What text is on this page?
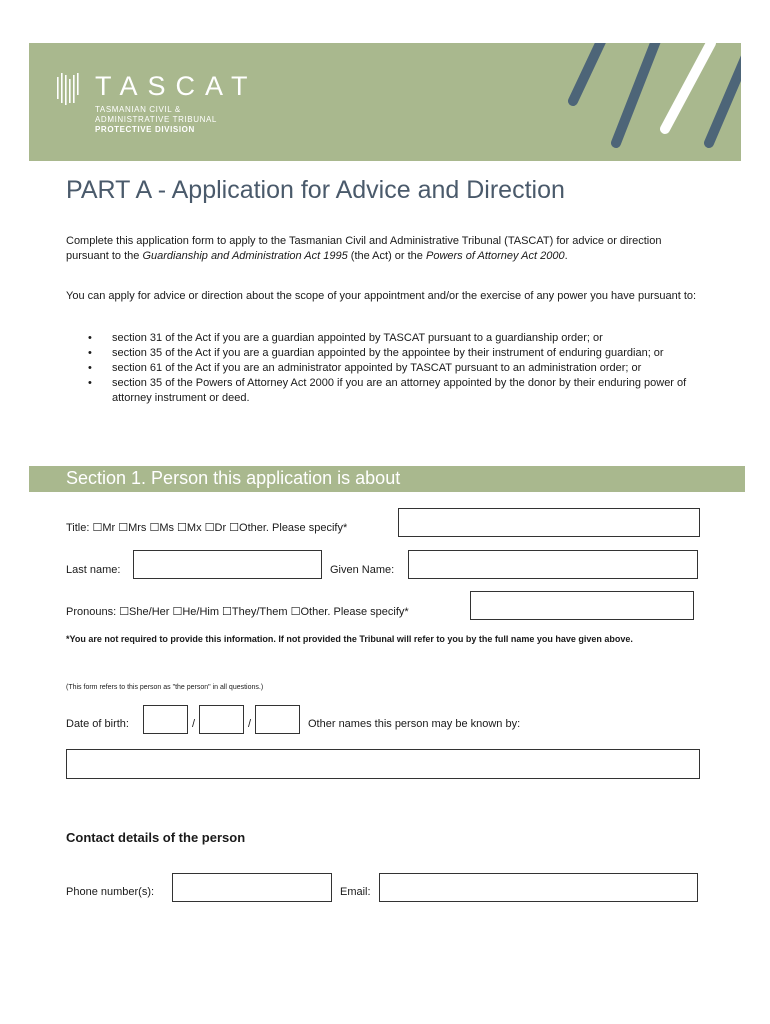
TASCAT
TASMANIAN CIVIL &
ADMINISTRATIVE TRIBUNAL
PROTECTIVE DIVISION
PART A - Application for Advice and Direction
Complete this application form to apply to the Tasmanian Civil and Administrative Tribunal (TASCAT) for advice or direction pursuant to the Guardianship and Administration Act 1995 (the Act) or the Powers of Attorney Act 2000.
You can apply for advice or direction about the scope of your appointment and/or the exercise of any power you have pursuant to:
• section 31 of the Act if you are a guardian appointed by TASCAT pursuant to a guardianship order; or
• section 35 of the Act if you are a guardian appointed by the appointee by their instrument of enduring guardian; or
• section 61 of the Act if you are an administrator appointed by TASCAT pursuant to an administration order; or
• section 35 of the Powers of Attorney Act 2000 if you are an attorney appointed by the donor by their enduring power of attorney instrument or deed.
Section 1. Person this application is about
Title: ☐Mr ☐Mrs ☐Ms ☐Mx ☐Dr ☐Other. Please specify*
Last name:	Given Name:
Pronouns: ☐She/Her ☐He/Him ☐They/Them ☐Other. Please specify*
*You are not required to provide this information. If not provided the Tribunal will refer to you by the full name you have given above.
(This form refers to this person as "the person" in all questions.)
Date of birth:	/	/	Other names this person may be known by:
Contact details of the person
Phone number(s):	Email:
